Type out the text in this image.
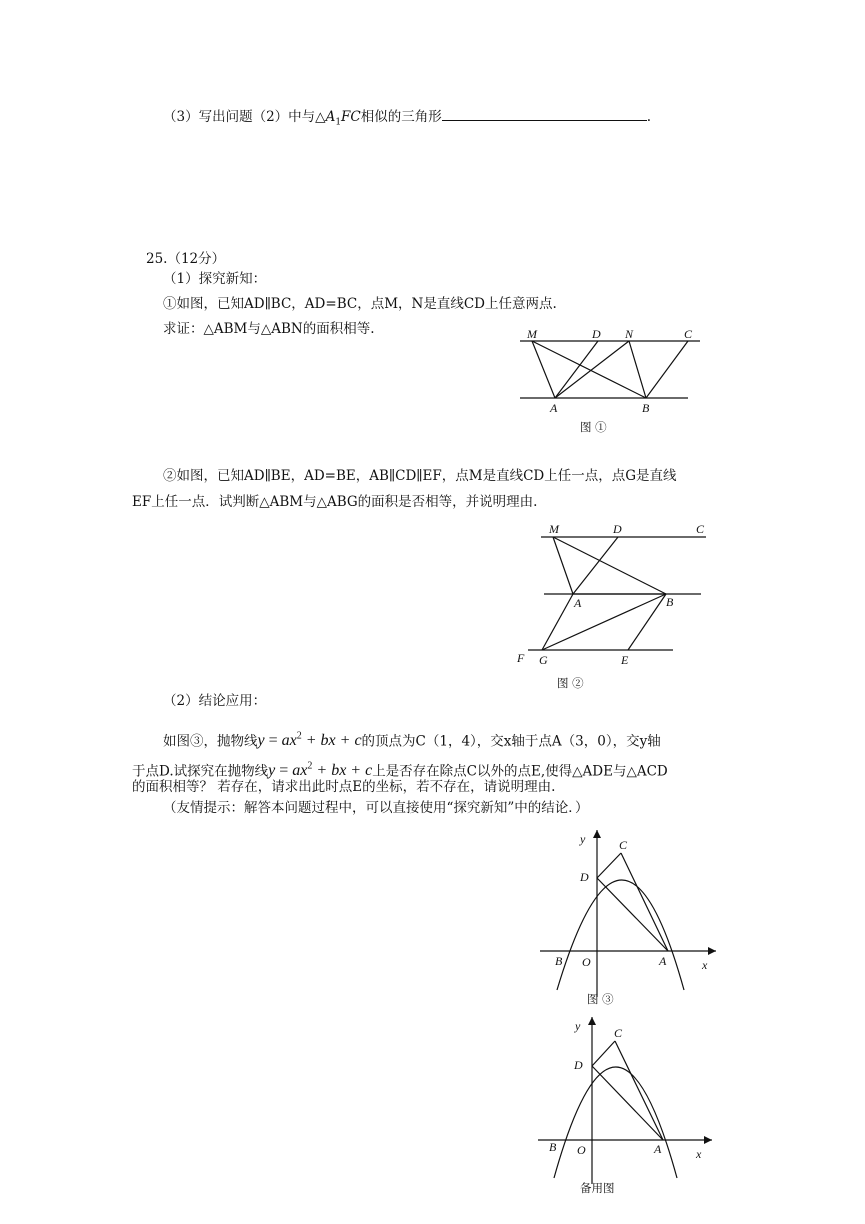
（3）写出问题（2）中与$\triangle A_1FC$相似的三角形	.
25.（12分）
（1）探究新知：
①如图，已知AD∥BC，AD=BC，点M，N是直线CD上任意两点.
求证：△ABM与△ABN的面积相等.
②如图，已知AD∥BE，AD=BE，AB∥CD∥EF，点M是直线CD上任一点，点G是直线
EF上任一点．试判断△ABM与△ABG的面积是否相等，并说明理由.
（2）结论应用：
如图③，抛物线$y = ax^2$ + bx + c的顶点为C（1，4），交x轴于点A（3，0），交y轴
于点D.试探究在抛物线$y = ax^2$ + bx + c上是否存在除点C以外的点E,使得△ADE与△ACD
的面积相等？ 若存在，请求出此时点E的坐标，若不存在，请说明理由.
（友情提示：解答本问题过程中，可以直接使用“探究新知”中的结论．）
M	D N	C
A	B
图 ①
M	D	C
A	B
F G	E
图 ②
y	C
D
B O	A	x
图 ③
y	C
D
B O	A	x
备用图
